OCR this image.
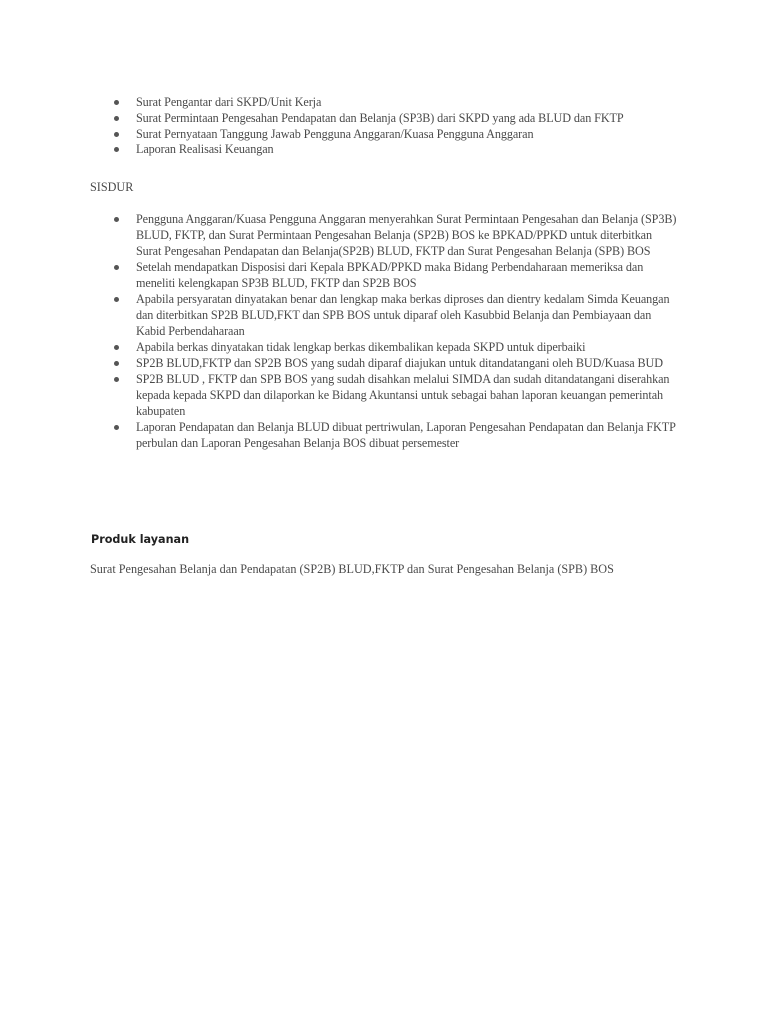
Surat Pengantar dari SKPD/Unit Kerja
Surat Permintaan Pengesahan Pendapatan dan Belanja (SP3B) dari SKPD yang ada BLUD dan FKTP
Surat Pernyataan Tanggung Jawab Pengguna Anggaran/Kuasa Pengguna Anggaran
Laporan Realisasi Keuangan
SISDUR
Pengguna Anggaran/Kuasa Pengguna Anggaran menyerahkan Surat Permintaan Pengesahan dan Belanja (SP3B) BLUD, FKTP, dan Surat Permintaan Pengesahan Belanja (SP2B) BOS ke BPKAD/PPKD untuk diterbitkan Surat Pengesahan Pendapatan dan Belanja(SP2B) BLUD, FKTP dan Surat Pengesahan Belanja (SPB) BOS
Setelah mendapatkan Disposisi dari Kepala BPKAD/PPKD maka Bidang Perbendaharaan memeriksa dan meneliti kelengkapan SP3B BLUD, FKTP dan SP2B BOS
Apabila persyaratan dinyatakan benar dan lengkap maka berkas diproses dan dientry kedalam Simda Keuangan dan diterbitkan SP2B BLUD,FKT dan SPB BOS untuk diparaf oleh Kasubbid Belanja dan Pembiayaan dan Kabid Perbendaharaan
Apabila berkas dinyatakan tidak lengkap berkas dikembalikan kepada SKPD untuk diperbaiki
SP2B BLUD,FKTP dan SP2B BOS yang sudah diparaf diajukan untuk ditandatangani oleh BUD/Kuasa BUD
SP2B BLUD , FKTP dan SPB BOS yang sudah disahkan melalui SIMDA dan sudah ditandatangani diserahkan kepada kepada SKPD dan dilaporkan ke Bidang Akuntansi untuk sebagai bahan laporan keuangan pemerintah kabupaten
Laporan Pendapatan dan Belanja BLUD dibuat pertriwulan, Laporan Pengesahan Pendapatan dan Belanja FKTP perbulan dan Laporan Pengesahan Belanja BOS dibuat persemester
Produk layanan
Surat Pengesahan Belanja dan Pendapatan (SP2B) BLUD,FKTP dan Surat Pengesahan Belanja (SPB) BOS
